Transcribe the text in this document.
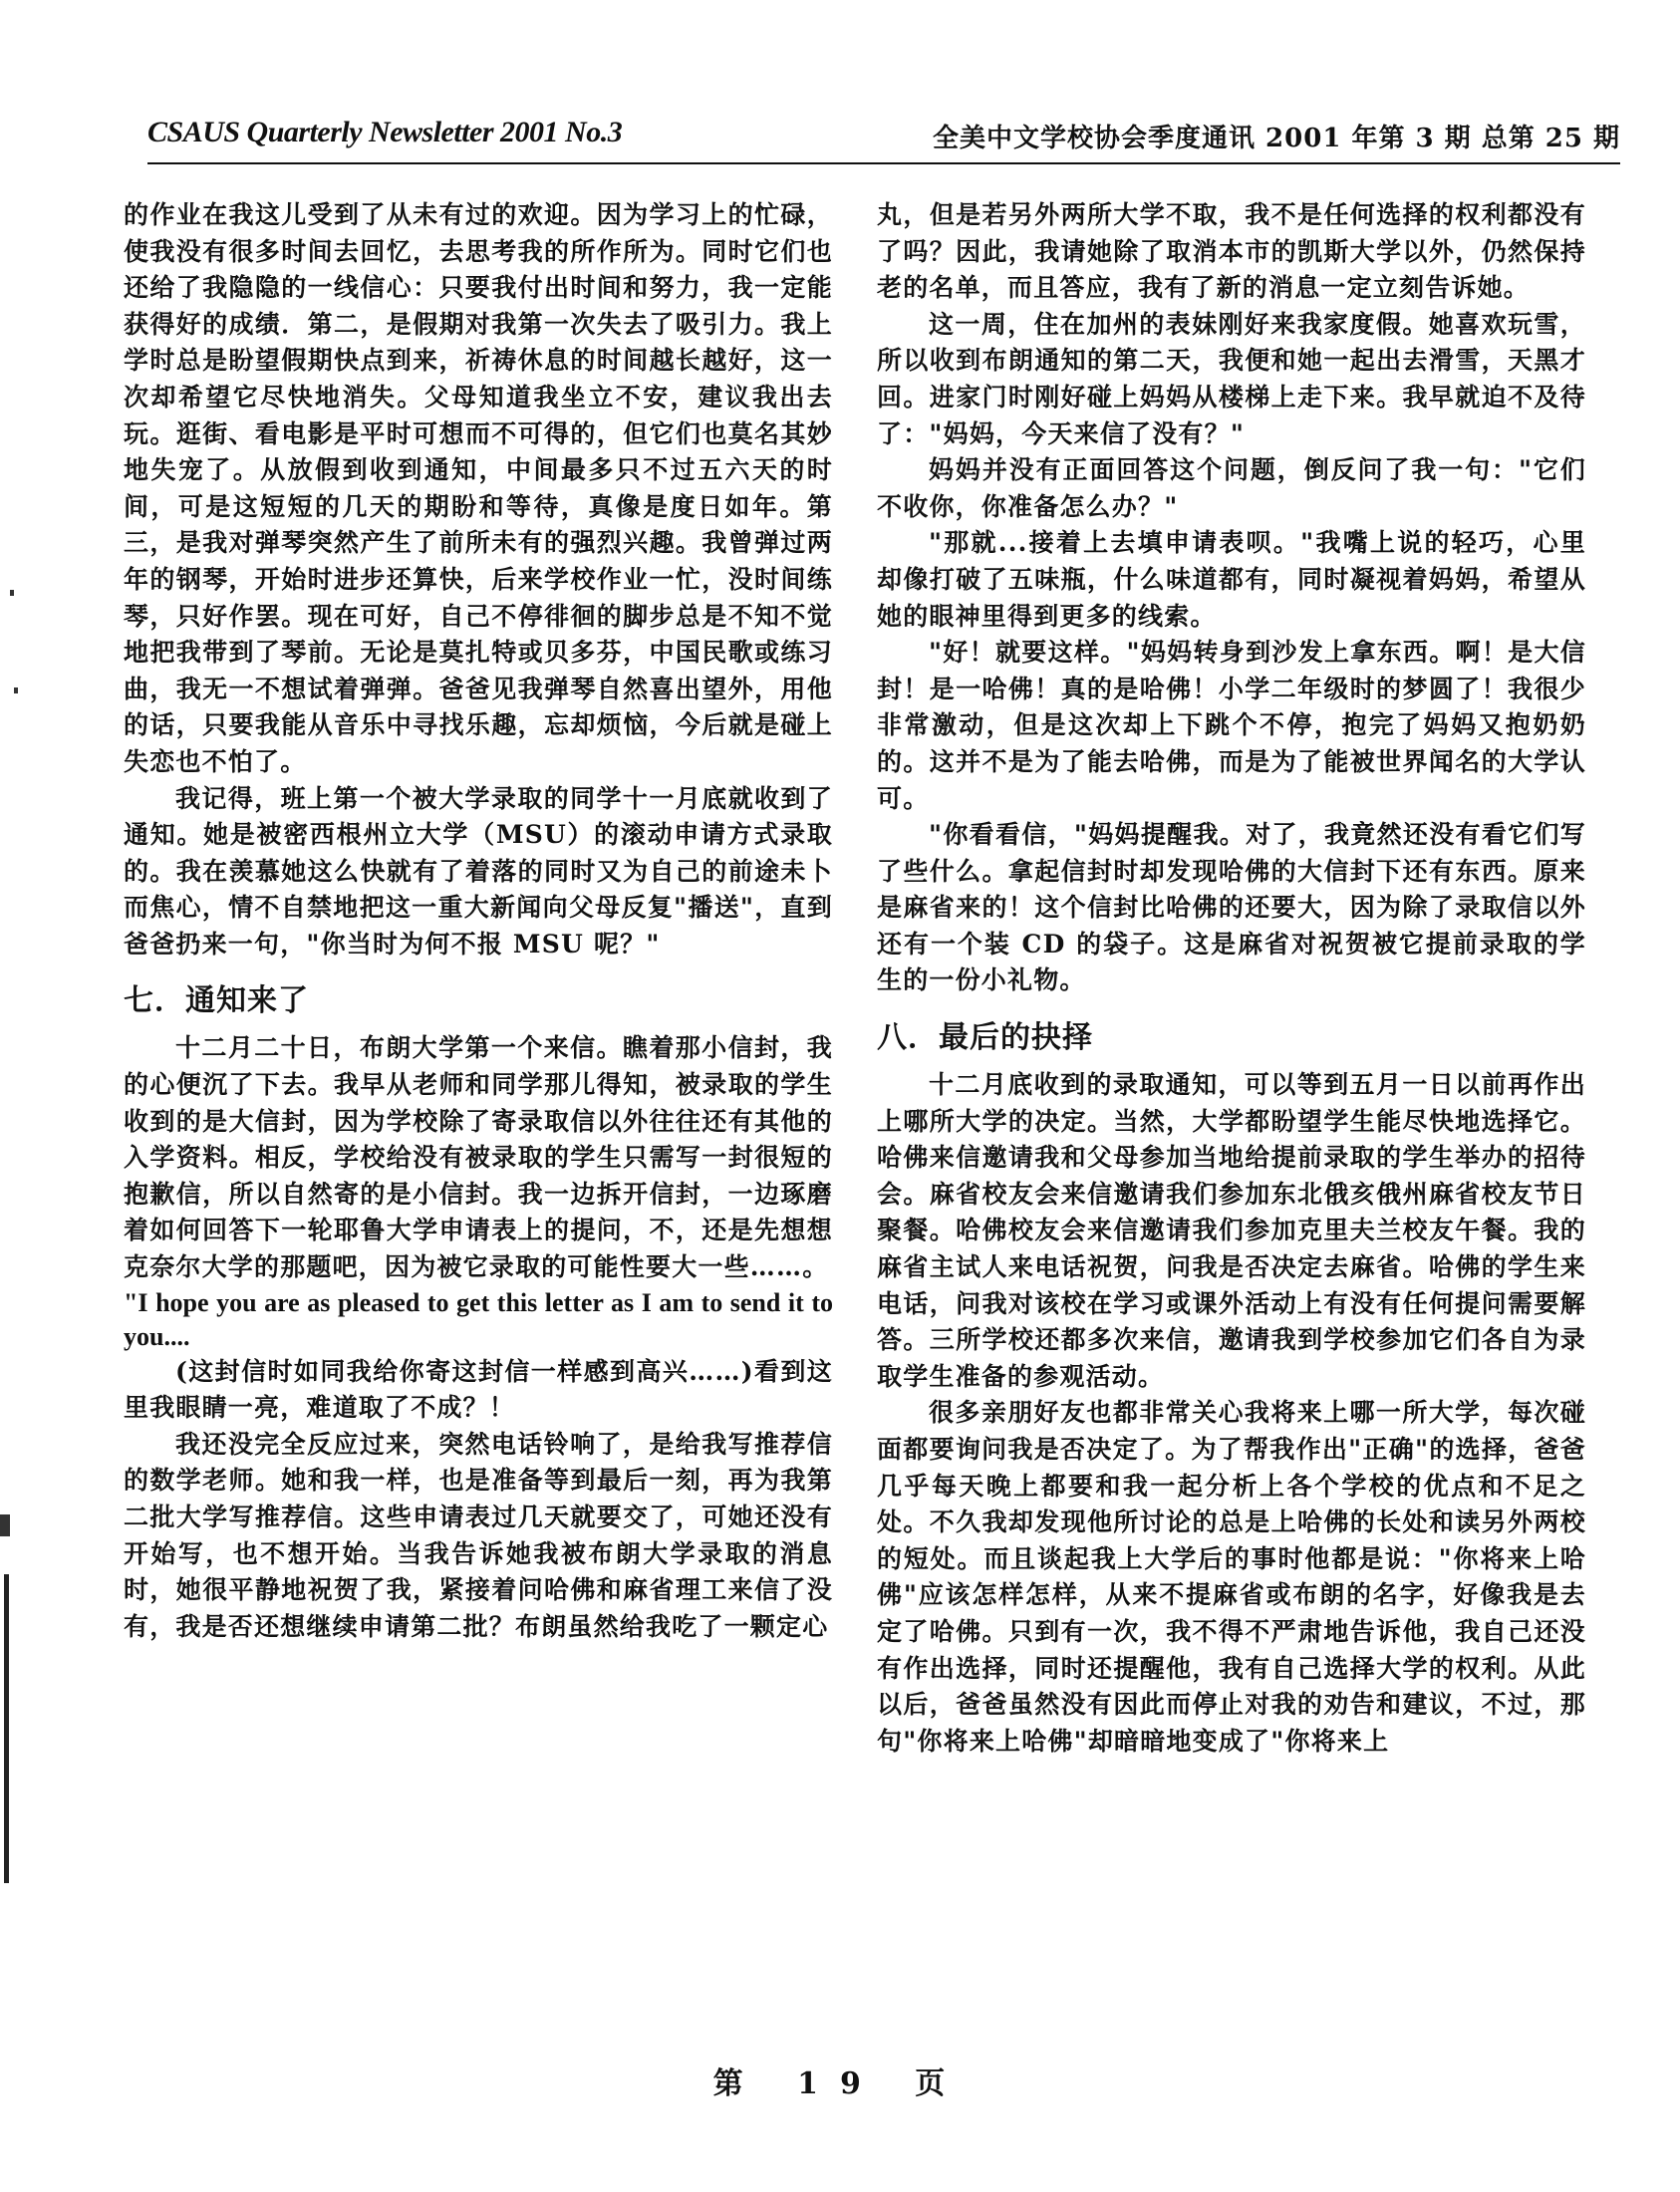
CSAUS Quarterly Newsletter 2001 No.3	全美中文学校协会季度通讯 2001 年第 3 期 总第 25 期

的作业在我这儿受到了从未有过的欢迎。因为学习上的忙碌，使我没有很多时间去回忆，去思考我的所作所为。同时它们也还给了我隐隐的一线信心：只要我付出时间和努力，我一定能获得好的成绩．第二，是假期对我第一次失去了吸引力。我上学时总是盼望假期快点到来，祈祷休息的时间越长越好，这一次却希望它尽快地消失。父母知道我坐立不安，建议我出去玩。逛街、看电影是平时可想而不可得的，但它们也莫名其妙地失宠了。从放假到收到通知，中间最多只不过五六天的时间，可是这短短的几天的期盼和等待，真像是度日如年。第三，是我对弹琴突然产生了前所未有的强烈兴趣。我曾弹过两年的钢琴，开始时进步还算快，后来学校作业一忙，没时间练琴，只好作罢。现在可好，自己不停徘徊的脚步总是不知不觉地把我带到了琴前。无论是莫扎特或贝多芬，中国民歌或练习曲，我无一不想试着弹弹。爸爸见我弹琴自然喜出望外，用他的话，只要我能从音乐中寻找乐趣，忘却烦恼，今后就是碰上失恋也不怕了。

我记得，班上第一个被大学录取的同学十一月底就收到了通知。她是被密西根州立大学（MSU）的滚动申请方式录取的。我在羡慕她这么快就有了着落的同时又为自己的前途未卜而焦心，情不自禁地把这一重大新闻向父母反复"播送"，直到爸爸扔来一句，"你当时为何不报 MSU 呢？"

七．通知来了

十二月二十日，布朗大学第一个来信。瞧着那小信封，我的心便沉了下去。我早从老师和同学那儿得知，被录取的学生收到的是大信封，因为学校除了寄录取信以外往往还有其他的入学资料。相反，学校给没有被录取的学生只需写一封很短的抱歉信，所以自然寄的是小信封。我一边拆开信封，一边琢磨着如何回答下一轮耶鲁大学申请表上的提问，不，还是先想想克奈尔大学的那题吧，因为被它录取的可能性要大一些……。

"I hope you are as pleased to get this letter as I am to send it to you....

(这封信时如同我给你寄这封信一样感到高兴……)看到这里我眼睛一亮，难道取了不成？！

我还没完全反应过来，突然电话铃响了，是给我写推荐信的数学老师。她和我一样，也是准备等到最后一刻，再为我第二批大学写推荐信。这些申请表过几天就要交了，可她还没有开始写，也不想开始。当我告诉她我被布朗大学录取的消息时，她很平静地祝贺了我，紧接着问哈佛和麻省理工来信了没有，我是否还想继续申请第二批？布朗虽然给我吃了一颗定心

丸，但是若另外两所大学不取，我不是任何选择的权利都没有了吗？因此，我请她除了取消本市的凯斯大学以外，仍然保持老的名单，而且答应，我有了新的消息一定立刻告诉她。

这一周，住在加州的表妹刚好来我家度假。她喜欢玩雪，所以收到布朗通知的第二天，我便和她一起出去滑雪，天黑才回。进家门时刚好碰上妈妈从楼梯上走下来。我早就迫不及待了："妈妈，今天来信了没有？"

妈妈并没有正面回答这个问题，倒反问了我一句："它们不收你，你准备怎么办？"

"那就...接着上去填申请表呗。"我嘴上说的轻巧，心里却像打破了五味瓶，什么味道都有，同时凝视着妈妈，希望从她的眼神里得到更多的线索。

"好！就要这样。"妈妈转身到沙发上拿东西。啊！是大信封！是一哈佛！真的是哈佛！小学二年级时的梦圆了！我很少非常激动，但是这次却上下跳个不停，抱完了妈妈又抱奶奶的。这并不是为了能去哈佛，而是为了能被世界闻名的大学认可。

"你看看信，"妈妈提醒我。对了，我竟然还没有看它们写了些什么。拿起信封时却发现哈佛的大信封下还有东西。原来是麻省来的！这个信封比哈佛的还要大，因为除了录取信以外还有一个装 CD 的袋子。这是麻省对祝贺被它提前录取的学生的一份小礼物。

八．最后的抉择

十二月底收到的录取通知，可以等到五月一日以前再作出上哪所大学的决定。当然，大学都盼望学生能尽快地选择它。哈佛来信邀请我和父母参加当地给提前录取的学生举办的招待会。麻省校友会来信邀请我们参加东北俄亥俄州麻省校友节日聚餐。哈佛校友会来信邀请我们参加克里夫兰校友午餐。我的麻省主试人来电话祝贺，问我是否决定去麻省。哈佛的学生来电话，问我对该校在学习或课外活动上有没有任何提问需要解答。三所学校还都多次来信，邀请我到学校参加它们各自为录取学生准备的参观活动。

很多亲朋好友也都非常关心我将来上哪一所大学，每次碰面都要询问我是否决定了。为了帮我作出"正确"的选择，爸爸几乎每天晚上都要和我一起分析上各个学校的优点和不足之处。不久我却发现他所讨论的总是上哈佛的长处和读另外两校的短处。而且谈起我上大学后的事时他都是说："你将来上哈佛"应该怎样怎样，从来不提麻省或布朗的名字，好像我是去定了哈佛。只到有一次，我不得不严肃地告诉他，我自己还没有作出选择，同时还提醒他，我有自己选择大学的权利。从此以后，爸爸虽然没有因此而停止对我的劝告和建议，不过，那句"你将来上哈佛"却暗暗地变成了"你将来上

第 19 页
